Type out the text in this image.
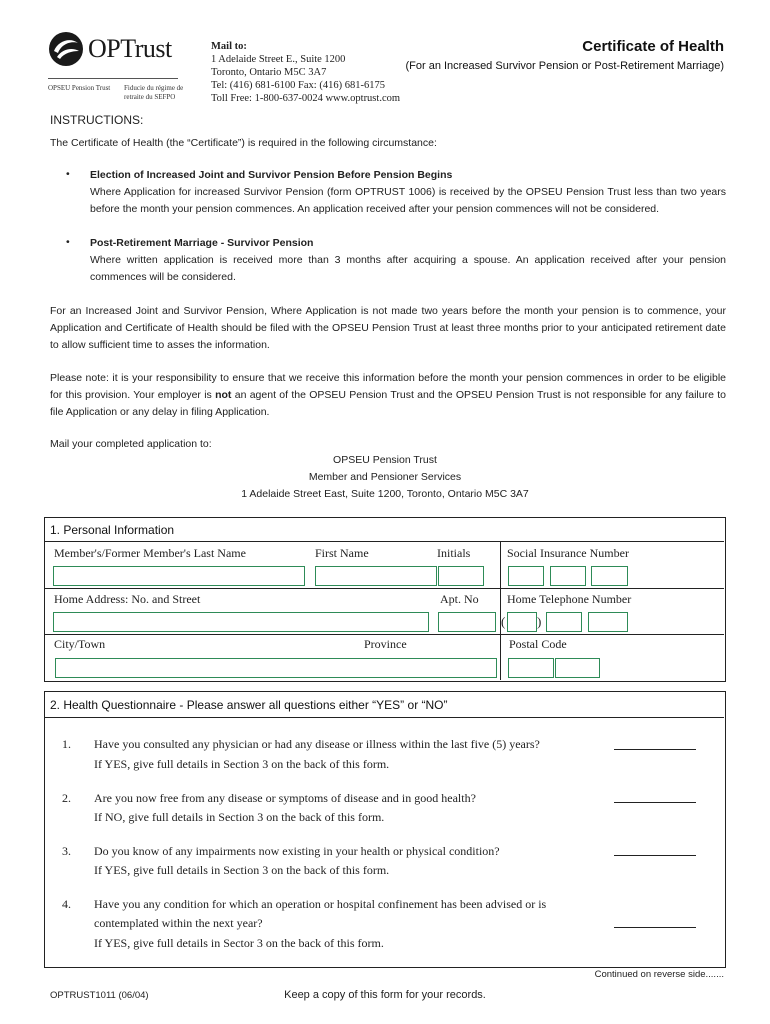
OPTrust
OPSEU Pension Trust Fiducie du régime de
retraite du SEFPO
Mail to:
1 Adelaide Street E., Suite 1200
Toronto, Ontario M5C 3A7
Tel: (416) 681-6100 Fax: (416) 681-6175
Toll Free: 1-800-637-0024 www.optrust.com
Certificate of Health
(For an Increased Survivor Pension or Post-Retirement Marriage)
INSTRUCTIONS:
The Certificate of Health (the “Certificate”) is required in the following circumstance:
• Election of Increased Joint and Survivor Pension Before Pension Begins
Where Application for increased Survivor Pension (form OPTRUST 1006) is received by the OPSEU Pension Trust less than two years before the month your pension commences. An application received after your pension commences will not be considered.
• Post-Retirement Marriage - Survivor Pension
Where written application is received more than 3 months after acquiring a spouse. An application received after your pension commences will be considered.
For an Increased Joint and Survivor Pension, Where Application is not made two years before the month your pension is to commence, your Application and Certificate of Health should be filed with the OPSEU Pension Trust at least three months prior to your anticipated retirement date to allow sufficient time to asses the information.
Please note: it is your responsibility to ensure that we receive this information before the month your pension commences in order to be eligible for this provision. Your employer is not an agent of the OPSEU Pension Trust and the OPSEU Pension Trust is not responsible for any failure to file Application or any delay in filing Application.
Mail your completed application to:
OPSEU Pension Trust
Member and Pensioner Services
1 Adelaide Street East, Suite 1200, Toronto, Ontario M5C 3A7
1. Personal Information
Member's/Former Member's Last Name	First Name	Initials	Social Insurance Number
Home Address: No. and Street	Apt. No Home Telephone Number
( )
City/Town	Province	Postal Code
2. Health Questionnaire - Please answer all questions either “YES” or “NO”
1. Have you consulted any physician or had any disease or illness within the last five (5) years?
If YES, give full details in Section 3 on the back of this form.
2. Are you now free from any disease or symptoms of disease and in good health?
If NO, give full details in Section 3 on the back of this form.
3. Do you know of any impairments now existing in your health or physical condition?
If YES, give full details in Section 3 on the back of this form.
4. Have you any condition for which an operation or hospital confinement has been advised or is
contemplated within the next year?
If YES, give full details in Sector 3 on the back of this form.
Continued on reverse side.......
OPTRUST1011 (06/04)	Keep a copy of this form for your records.
